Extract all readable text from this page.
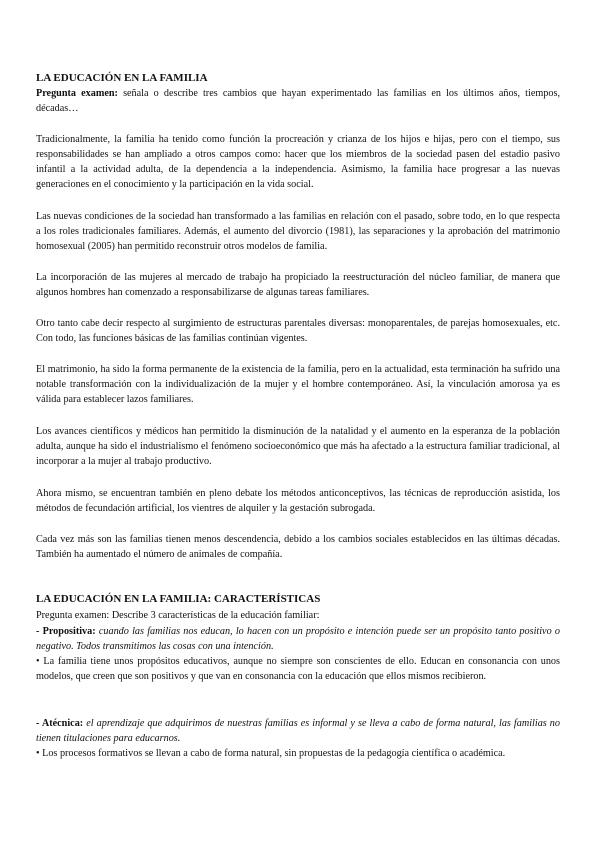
LA EDUCACIÓN EN LA FAMILIA

Pregunta examen: señala o describe tres cambios que hayan experimentado las familias en los últimos años, tiempos, décadas…

Tradicionalmente, la familia ha tenido como función la procreación y crianza de los hijos e hijas, pero con el tiempo, sus responsabilidades se han ampliado a otros campos como: hacer que los miembros de la sociedad pasen del estadio pasivo infantil a la actividad adulta, de la dependencia a la independencia. Asimismo, la familia hace progresar a las nuevas generaciones en el conocimiento y la participación en la vida social.

Las nuevas condiciones de la sociedad han transformado a las familias en relación con el pasado, sobre todo, en lo que respecta a los roles tradicionales familiares. Además, el aumento del divorcio (1981), las separaciones y la aprobación del matrimonio homosexual (2005) han permitido reconstruir otros modelos de familia.

La incorporación de las mujeres al mercado de trabajo ha propiciado la reestructuración del núcleo familiar, de manera que algunos hombres han comenzado a responsabilizarse de algunas tareas familiares.

Otro tanto cabe decir respecto al surgimiento de estructuras parentales diversas: monoparentales, de parejas homosexuales, etc. Con todo, las funciones básicas de las familias continúan vigentes.

El matrimonio, ha sido la forma permanente de la existencia de la familia, pero en la actualidad, esta terminación ha sufrido una notable transformación con la individualización de la mujer y el hombre contemporáneo. Así, la vinculación amorosa ya es válida para establecer lazos familiares.

Los avances científicos y médicos han permitido la disminución de la natalidad y el aumento en la esperanza de la población adulta, aunque ha sido el industrialismo el fenómeno socioeconómico que más ha afectado a la estructura familiar tradicional, al incorporar a la mujer al trabajo productivo.

Ahora mismo, se encuentran también en pleno debate los métodos anticonceptivos, las técnicas de reproducción asistida, los métodos de fecundación artificial, los vientres de alquiler y la gestación subrogada.

Cada vez más son las familias tienen menos descendencia, debido a los cambios sociales establecidos en las últimas décadas. También ha aumentado el número de animales de compañía.

LA EDUCACIÓN EN LA FAMILIA: CARACTERÍSTICAS

Pregunta examen: Describe 3 características de la educación familiar:

- Propositiva: cuando las familias nos educan, lo hacen con un propósito e intención puede ser un propósito tanto positivo o negativo. Todos transmitimos las cosas con una intención.

• La familia tiene unos propósitos educativos, aunque no siempre son conscientes de ello. Educan en consonancia con unos modelos, que creen que son positivos y que van en consonancia con la educación que ellos mismos recibieron.

- Atécnica: el aprendizaje que adquirimos de nuestras familias es informal y se lleva a cabo de forma natural, las familias no tienen titulaciones para educarnos.

• Los procesos formativos se llevan a cabo de forma natural, sin propuestas de la pedagogía científica o académica.
